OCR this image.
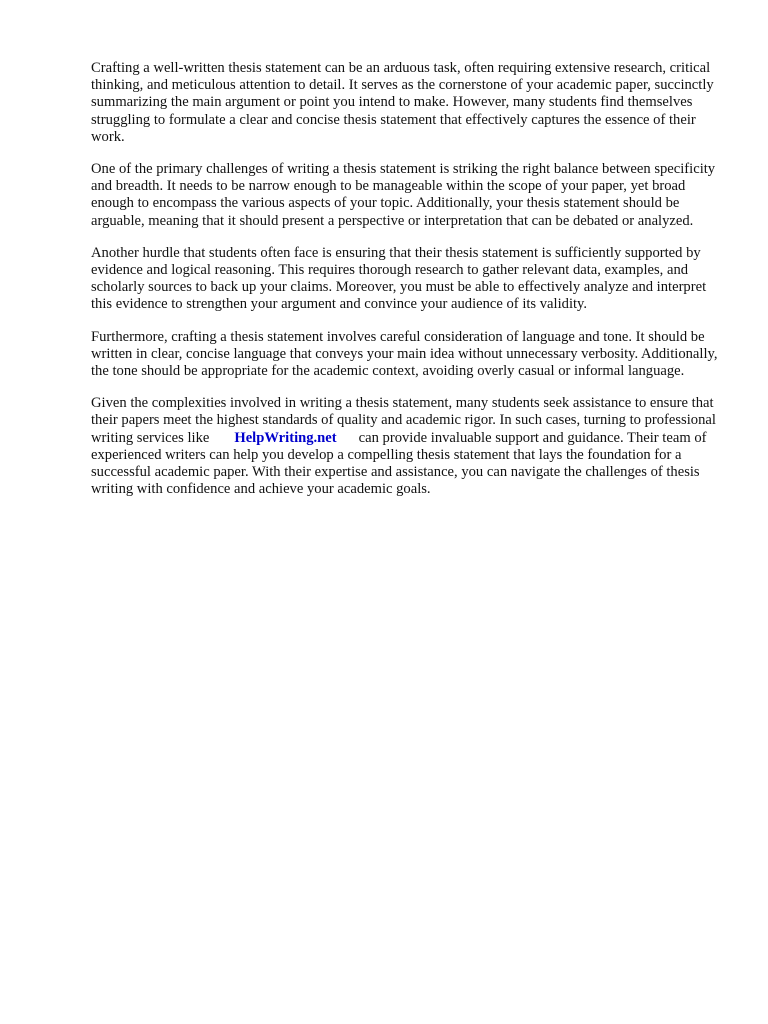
Crafting a well-written thesis statement can be an arduous task, often requiring extensive research, critical thinking, and meticulous attention to detail. It serves as the cornerstone of your academic paper, succinctly summarizing the main argument or point you intend to make. However, many students find themselves struggling to formulate a clear and concise thesis statement that effectively captures the essence of their work.

One of the primary challenges of writing a thesis statement is striking the right balance between specificity and breadth. It needs to be narrow enough to be manageable within the scope of your paper, yet broad enough to encompass the various aspects of your topic. Additionally, your thesis statement should be arguable, meaning that it should present a perspective or interpretation that can be debated or analyzed.

Another hurdle that students often face is ensuring that their thesis statement is sufficiently supported by evidence and logical reasoning. This requires thorough research to gather relevant data, examples, and scholarly sources to back up your claims. Moreover, you must be able to effectively analyze and interpret this evidence to strengthen your argument and convince your audience of its validity.

Furthermore, crafting a thesis statement involves careful consideration of language and tone. It should be written in clear, concise language that conveys your main idea without unnecessary verbosity. Additionally, the tone should be appropriate for the academic context, avoiding overly casual or informal language.

Given the complexities involved in writing a thesis statement, many students seek assistance to ensure that their papers meet the highest standards of quality and academic rigor. In such cases, turning to professional writing services like HelpWriting.net can provide invaluable support and guidance. Their team of experienced writers can help you develop a compelling thesis statement that lays the foundation for a successful academic paper. With their expertise and assistance, you can navigate the challenges of thesis writing with confidence and achieve your academic goals.
